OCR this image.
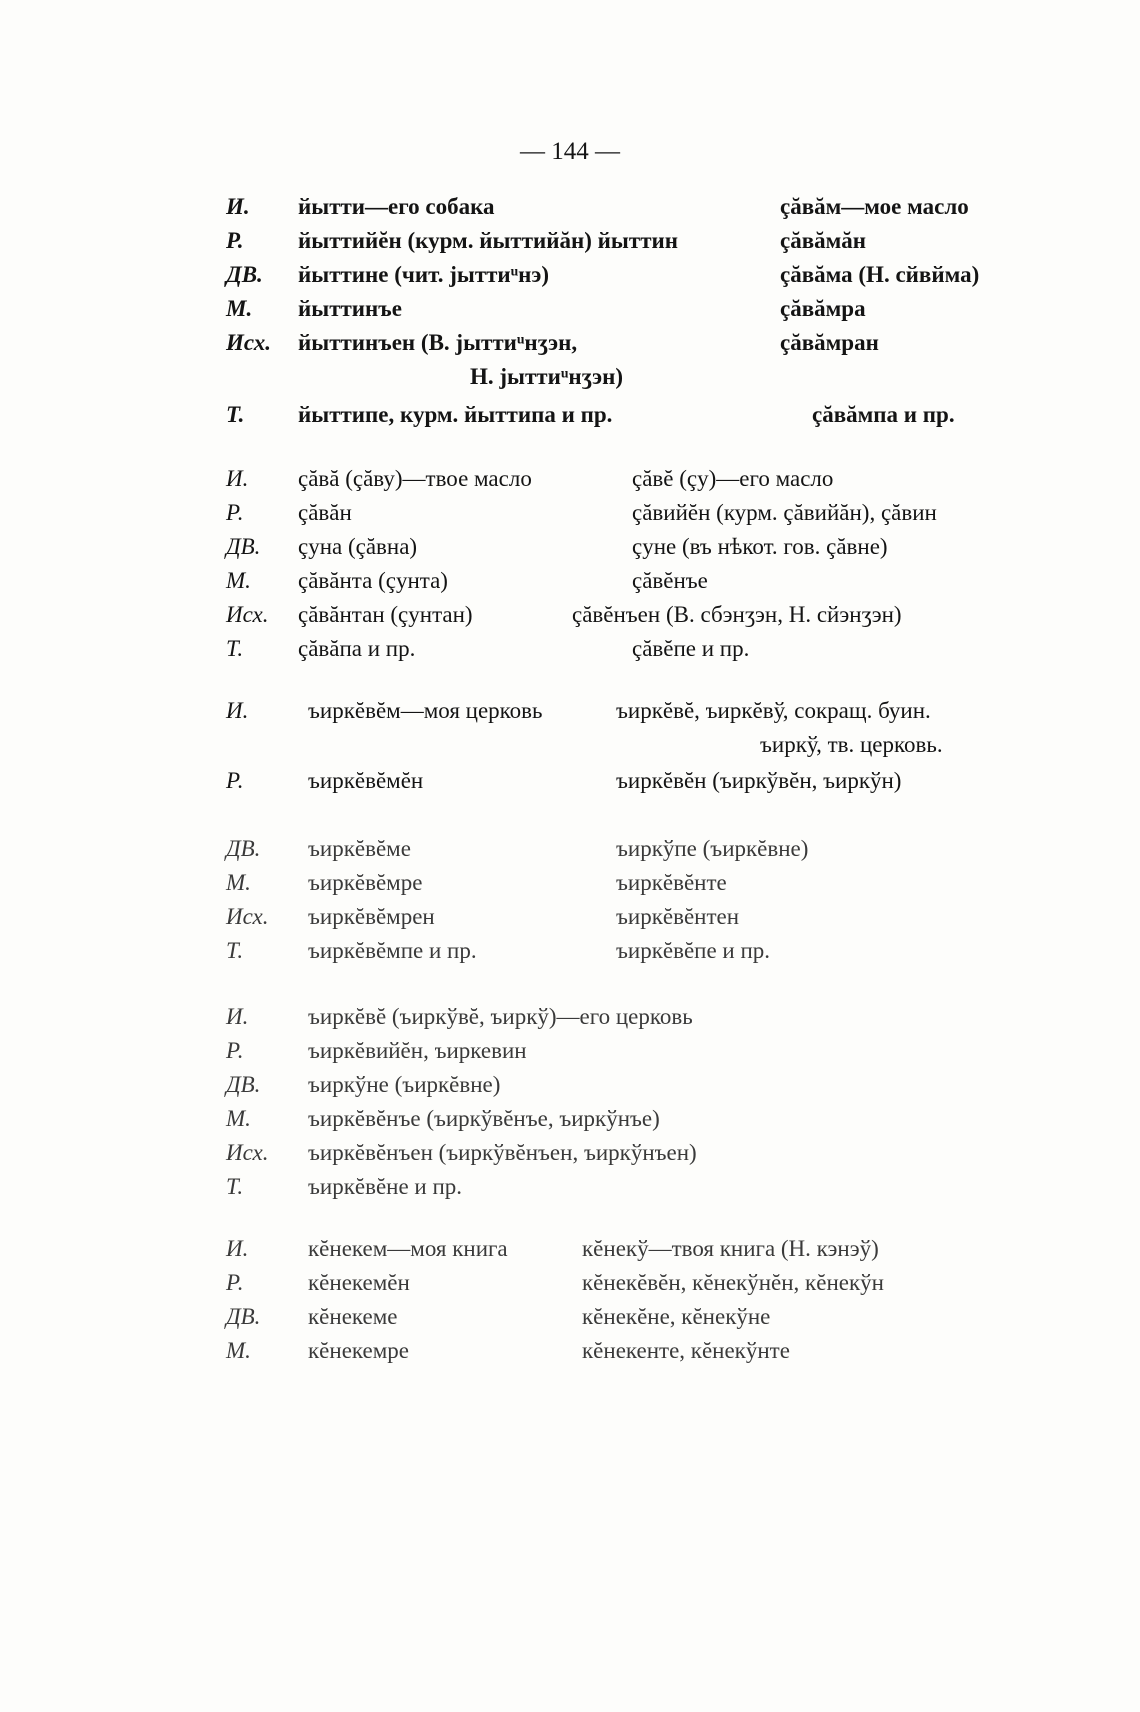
— 144 —
И. йытти—его собака	çăвăм—мое масло
Р. йыттийĕн (курм. йыттийăн) йыттин	çăвăмăн
ДВ. йыттине (чит. jыттиᵘнэ)	çăвăма (Н. сйвйма)
М. йыттинъе	çăвăмра
Исх. йыттинъен (В. jыттиᵘнʒэн,	çăвăмран
Н. jыттиᵘнʒэн)
Т. йыттипе, курм. йыттипа и пр.	çăвăмпа и пр.
И. çăвă (çăву)—твое масло	çăвĕ (çу)—его масло
Р. çăвăн	çăвийĕн (курм. çăвийăн), çăвин
ДВ. çуна (çăвна)	çуне (въ нѣкот. гов. çăвне)
М. çăвăнта (çунта)	çăвĕнъе
Исх. çăвăнтан (çунтан)	çăвĕнъен (В. сбэнʒэн, Н. сйэнʒэн)
Т. çăвăпа и пр.	çăвĕпе и пр.
И.	ъиркĕвĕм—моя церковь	ъиркĕвĕ, ъиркĕвў, сокращ. буин.
ъиркў, тв. церковь.
Р.	ъиркĕвĕмĕн	ъиркĕвĕн (ъиркўвĕн, ъиркўн)
ДВ. ъиркĕвĕме	ъиркўпе (ъиркĕвне)
М. ъиркĕвĕмре	ъиркĕвĕнте
Исх. ъиркĕвĕмрен	ъиркĕвĕнтен
Т.	ъиркĕвĕмпе и пр.	ъиркĕвĕпе и пр.
И.	ъиркĕвĕ (ъиркўвĕ, ъиркў)—его церковь
Р.	ъиркĕвийĕн, ъиркевин
ДВ. ъиркўне (ъиркĕвне)
М. ъиркĕвĕнъе (ъиркўвĕнъе, ъиркўнъе)
Исх. ъиркĕвĕнъен (ъиркўвĕнъен, ъиркўнъен)
Т.	ъиркĕвĕне и пр.
И.	кĕнекем—моя книга	кĕнекў—твоя книга (Н. кэнэў)
Р.	кĕнекемĕн	кĕнекĕвĕн, кĕнекўнĕн, кĕнекўн
ДВ. кĕнекеме	кĕнекĕне, кĕнекўне
М. кĕнекемре	кĕнекенте, кĕнекўнте
